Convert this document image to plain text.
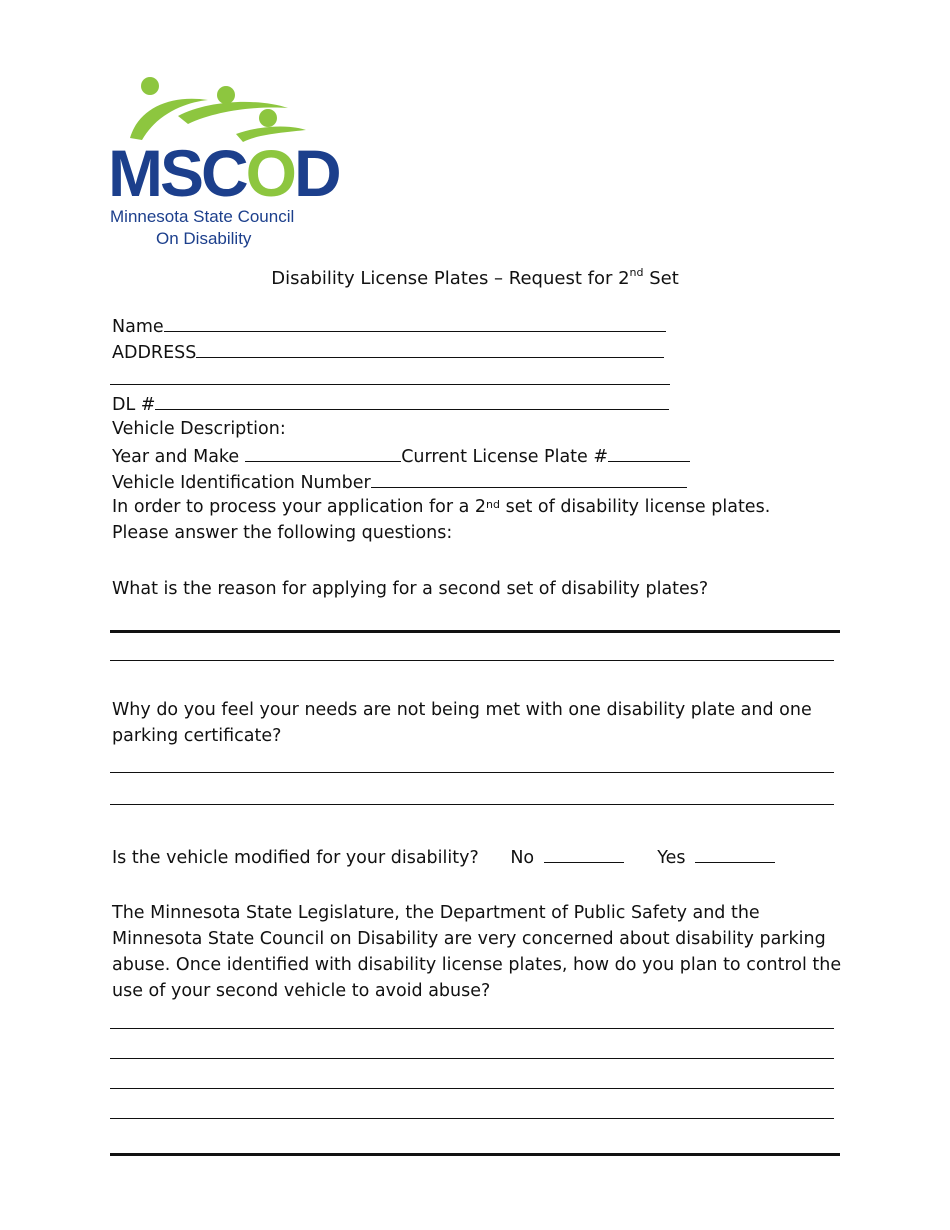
MSCOD
Minnesota State Council
On Disability
Disability License Plates – Request for 2nd Set
Name
ADDRESS
DL #
Vehicle Description:
Year and Make	Current License Plate #
Vehicle Identification Number
In order to process your application for a 2nd set of disability license plates.
Please answer the following questions:
What is the reason for applying for a second set of disability plates?
Why do you feel your needs are not being met with one disability plate and one
parking certificate?
Is the vehicle modified for your disability? No	Yes
The Minnesota State Legislature, the Department of Public Safety and the
Minnesota State Council on Disability are very concerned about disability parking
abuse. Once identified with disability license plates, how do you plan to control the
use of your second vehicle to avoid abuse?
